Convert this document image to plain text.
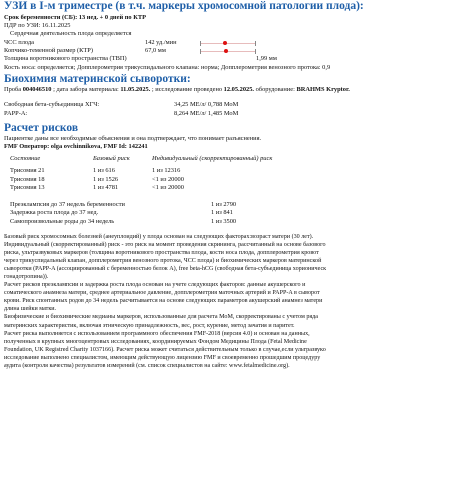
УЗИ в I-м триместре (в т.ч. маркеры хромосомной патологии плода):
Срок беременности (СБ): 13 нед. + 0 дней по КТР
ПДР по УЗИ: 16.11.2025
Сердечная деятельность плода определяется
ЧСС плода	142 уд./мин
Копчико-теменной размер (КТР)	67,0 мм
Толщина воротникового пространства (ТВП)	1,99 мм
Кость носа: определяется; Допплерометрия трикуспидального клапана: норма; Допплерометрия венозного протока: 0,9
Биохимия материнской сыворотки:
Проба 004046510 ; дата забора материала: 11.05.2025. ; исследование проведено 12.05.2025. оборудование: BRAHMS Kryptor.
Свободная бета-субъединица ХГЧ:	34,25 МЕ/л/ 0,788 МоМ
PAPP-A:	8,264 МЕ/л/ 1,485 МоМ
Расчет рисков
Пациентке даны все необходимые объяснения и она подтверждает, что понимает разъяснения.
FMF Оператор: olga ovchinnikova, FMF Id: 142241
Состояние	Базовый риск	Индивидуальный (скорректированный) риск
Трисомия 21	1 из 616	1 из 12316
Трисомия 18	1 из 1526	<1 из 20000
Трисомия 13	1 из 4781	<1 из 20000
Преэклампсия до 37 недель беременности	1 из 2790
Задержка роста плода до 37 нед.	1 из 841
Самопроизвольные роды до 34 недель	1 из 3500
Базовый риск хромосомных болезней (анеуплоидий) у плода основан на следующих факторах:возраст матери (30 лет).
Индивидуальный (скорректированный) риск - это риск на момент проведения скрининга, рассчитанный на основе базового
риска, ультразвуковых маркеров (толщина воротникового пространства плода, кости носа плода, допплерометрия кровот
через трикуспидальный клапан, допплерометрия венозного протока, ЧСС плода) и биохимических маркеров материнской
сыворотки (PAPP-A (ассоциированный с беременностью белок А), free beta-hCG (свободная бета-субъединица хорионическ
гонадотропина)).
Расчет рисков преэклампсии и задержка роста плода основан на учете следующих факторов: данные акушерского и
соматического анамнеза матери, среднее артериальное давление, допплерометрия маточных артерий и PAPP-A в сыворот
крови. Риск спонтанных родов до 34 недель расчитывается на основе следующих параметров акушерский анамнез матери
длина шейки матки.
Биофизические и биохимические медианы маркеров, использованные для расчета МоМ, скорректированы с учетом ряда
материнских характеристик, включая этническую принадлежность, вес, рост, курение, метод зачатия и паритет.
Расчет риска выполняется с использованием программного обеспечения FMF-2018 (версия 4.0) и основан на данных,
полученных в крупных многоцентровых исследованиях, координируемых Фондом Медицины Плода (Fetal Medicine
Foundation, UK Registred Charity 1037166). Расчет риска может считаться действительным только в случае,если ультразвуко
исследование выполнено специалистом, имеющим действующую лицензию FMF и своевременно прошедшим процедуру
аудита (контроля качества) результатов измерений (см. список специалистов на сайте: www.fetalmedicine.org).
